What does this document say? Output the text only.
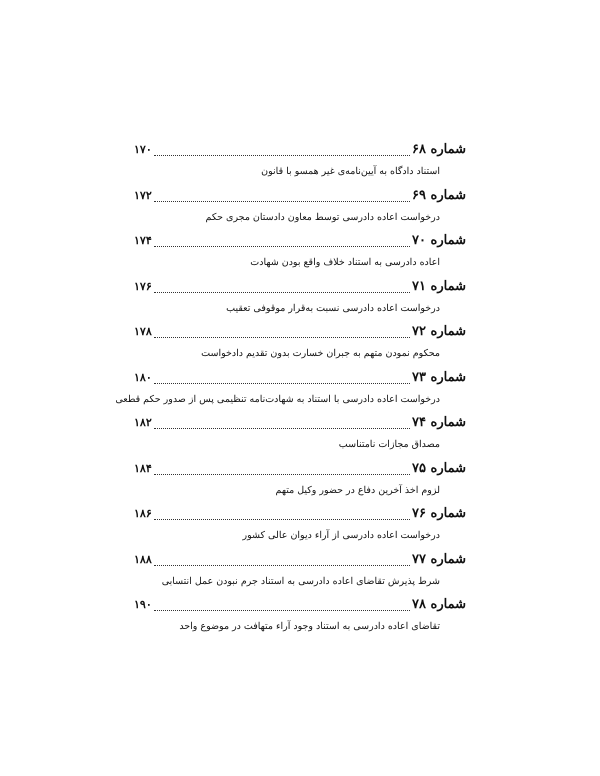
شماره ۶۸
۱۷۰
استناد دادگاه به آیین‌نامه‌ی غیر همسو با قانون
شماره ۶۹
۱۷۲
درخواست اعاده دادرسی توسط معاون دادستان مجری حکم
شماره ۷۰
۱۷۴
اعاده دادرسی به استناد خلاف واقع بودن شهادت
شماره ۷۱
۱۷۶
درخواست اعاده دادرسی نسبت به‌قرار موقوفی تعقیب
شماره ۷۲
۱۷۸
محکوم نمودن متهم به جبران خسارت بدون تقدیم دادخواست
شماره ۷۳
۱۸۰
درخواست اعاده دادرسی با استناد به شهادت‌نامه تنظیمی پس از صدور حکم قطعی
شماره ۷۴
۱۸۲
مصداق مجازات نامتناسب
شماره ۷۵
۱۸۴
لزوم اخذ آخرین دفاع در حضور وکیل متهم
شماره ۷۶
۱۸۶
درخواست اعاده دادرسی از آراء دیوان عالی کشور
شماره ۷۷
۱۸۸
شرط پذیرش تقاضای اعاده دادرسی به استناد جرم نبودن عمل انتسابی
شماره ۷۸
۱۹۰
تقاضای اعاده دادرسی به استناد وجود آراء متهافت در موضوع واحد
